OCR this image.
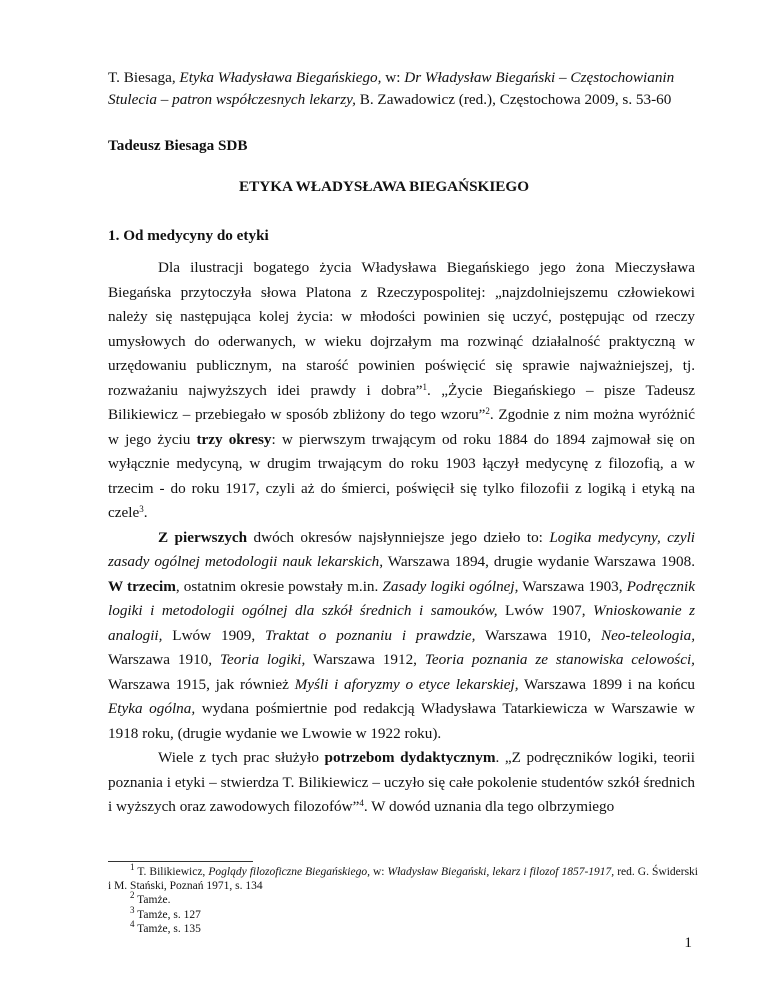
T. Biesaga, Etyka Władysława Biegańskiego, w: Dr Władysław Biegański – Częstochowianin Stulecia – patron współczesnych lekarzy, B. Zawadowicz (red.), Częstochowa 2009, s. 53-60
Tadeusz Biesaga SDB
ETYKA WŁADYSŁAWA BIEGAŃSKIEGO
1. Od medycyny do etyki

Dla ilustracji bogatego życia Władysława Biegańskiego jego żona Mieczysława Biegańska przytoczyła słowa Platona z Rzeczypospolitej: „najzdolniejszemu człowiekowi należy się następująca kolej życia: w młodości powinien się uczyć, postępując od rzeczy umysłowych do oderwanych, w wieku dojrzałym ma rozwinąć działalność praktyczną w urzędowaniu publicznym, na starość powinien poświęcić się sprawie najważniejszej, tj. rozważaniu najwyższych idei prawdy i dobra”$^1$. „Życie Biegańskiego – pisze Tadeusz Bilikiewicz – przebiegało w sposób zbliżony do tego wzoru”$^2$. Zgodnie z nim można wyróżnić w jego życiu trzy okresy: w pierwszym trwającym od roku 1884 do 1894 zajmował się on wyłącznie medycyną, w drugim trwającym do roku 1903 łączył medycynę z filozofią, a w trzecim - do roku 1917, czyli aż do śmierci, poświęcił się tylko filozofii z logiką i etyką na czele$^3$.

Z pierwszych dwóch okresów najsłynniejsze jego dzieło to: Logika medycyny, czyli zasady ogólnej metodologii nauk lekarskich, Warszawa 1894, drugie wydanie Warszawa 1908. W trzecim, ostatnim okresie powstały m.in. Zasady logiki ogólnej, Warszawa 1903, Podręcznik logiki i metodologii ogólnej dla szkół średnich i samouków, Lwów 1907, Wnioskowanie z analogii, Lwów 1909, Traktat o poznaniu i prawdzie, Warszawa 1910, Neo-teleologia, Warszawa 1910, Teoria logiki, Warszawa 1912, Teoria poznania ze stanowiska celowości, Warszawa 1915, jak również Myśli i aforyzmy o etyce lekarskiej, Warszawa 1899 i na końcu Etyka ogólna, wydana pośmiertnie pod redakcją Władysława Tatarkiewicza w Warszawie w 1918 roku, (drugie wydanie we Lwowie w 1922 roku).

Wiele z tych prac służyło potrzebom dydaktycznym. „Z podręczników logiki, teorii poznania i etyki – stwierdza T. Bilikiewicz – uczyło się całe pokolenie studentów szkół średnich i wyższych oraz zawodowych filozofów”$^4$. W dowód uznania dla tego olbrzymiego

$^1$ T. Bilikiewicz, Poglądy filozoficzne Biegańskiego, w: Władysław Biegański, lekarz i filozof 1857-1917, red. G. Świderski i M. Stański, Poznań 1971, s. 134

$^2$ Tamże.

$^3$ Tamże, s. 127

$^4$ Tamże, s. 135

1
